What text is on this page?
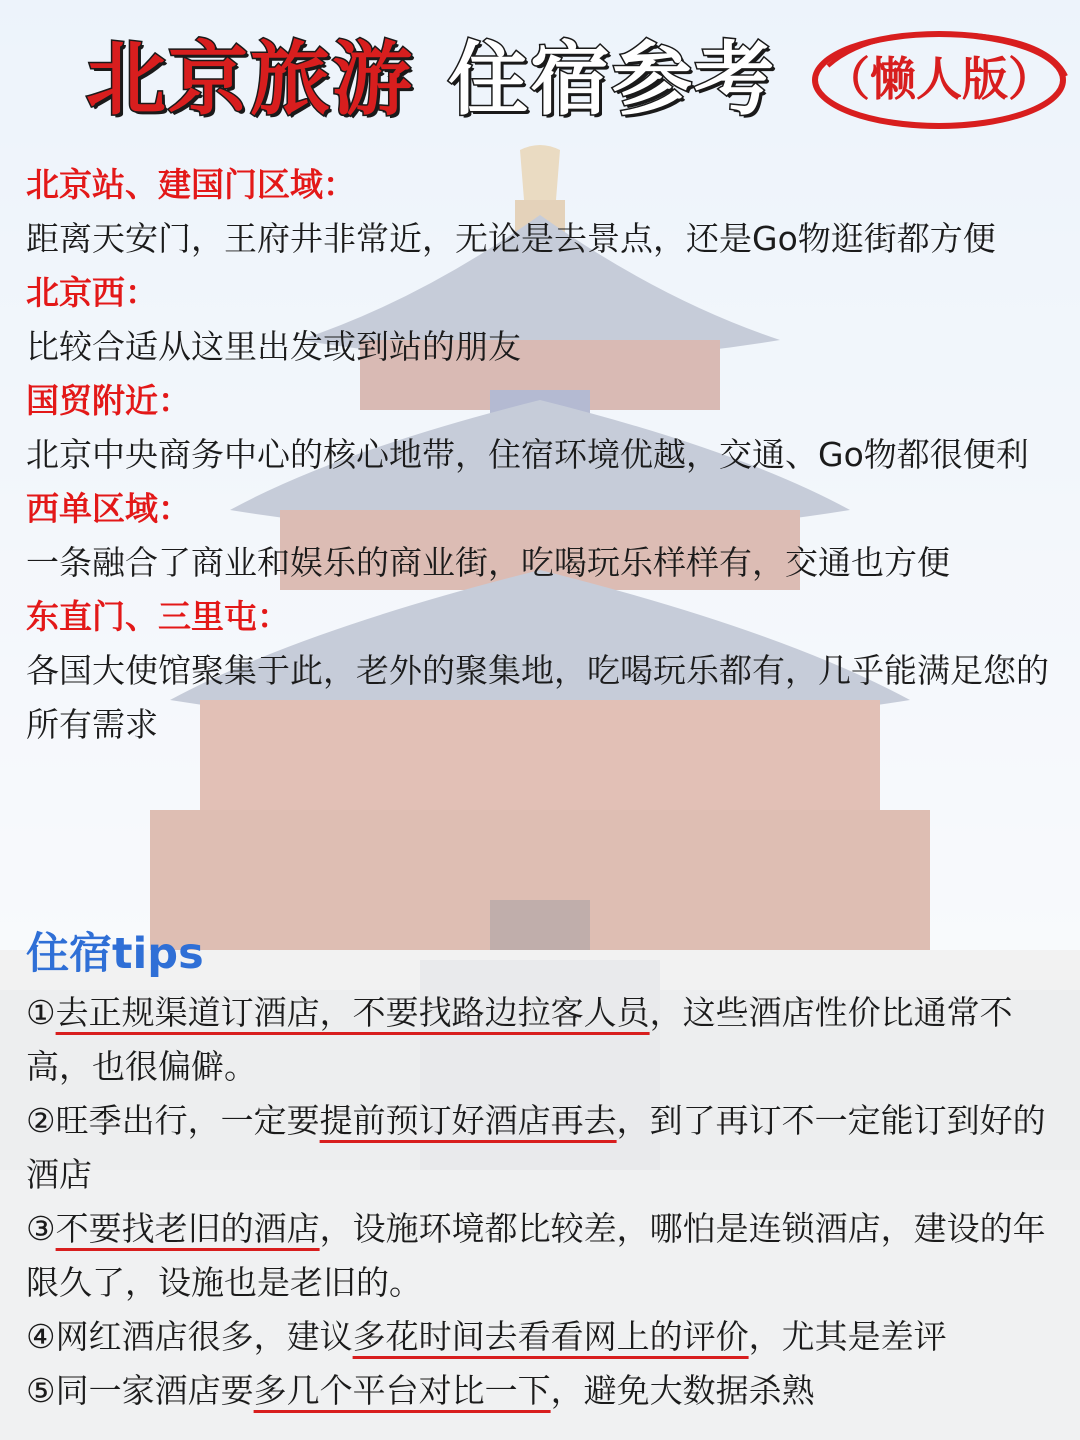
北京旅游 住宿参考	（懒人版）
北京站、建国门区域：
距离天安门，王府井非常近，无论是去景点，还是Go物逛街都方便
北京西：
比较合适从这里出发或到站的朋友
国贸附近：
北京中央商务中心的核心地带，住宿环境优越，交通、Go物都很便利
西单区域：
一条融合了商业和娱乐的商业街，吃喝玩乐样样有，交通也方便
东直门、三里屯：
各国大使馆聚集于此，老外的聚集地，吃喝玩乐都有，几乎能满足您的所有需求
住宿tips
①去正规渠道订酒店，不要找路边拉客人员，这些酒店性价比通常不高，也很偏僻。
②旺季出行，一定要提前预订好酒店再去，到了再订不一定能订到好的酒店
③不要找老旧的酒店，设施环境都比较差，哪怕是连锁酒店，建设的年限久了，设施也是老旧的。
④网红酒店很多，建议多花时间去看看网上的评价，尤其是差评
⑤同一家酒店要多几个平台对比一下，避免大数据杀熟
